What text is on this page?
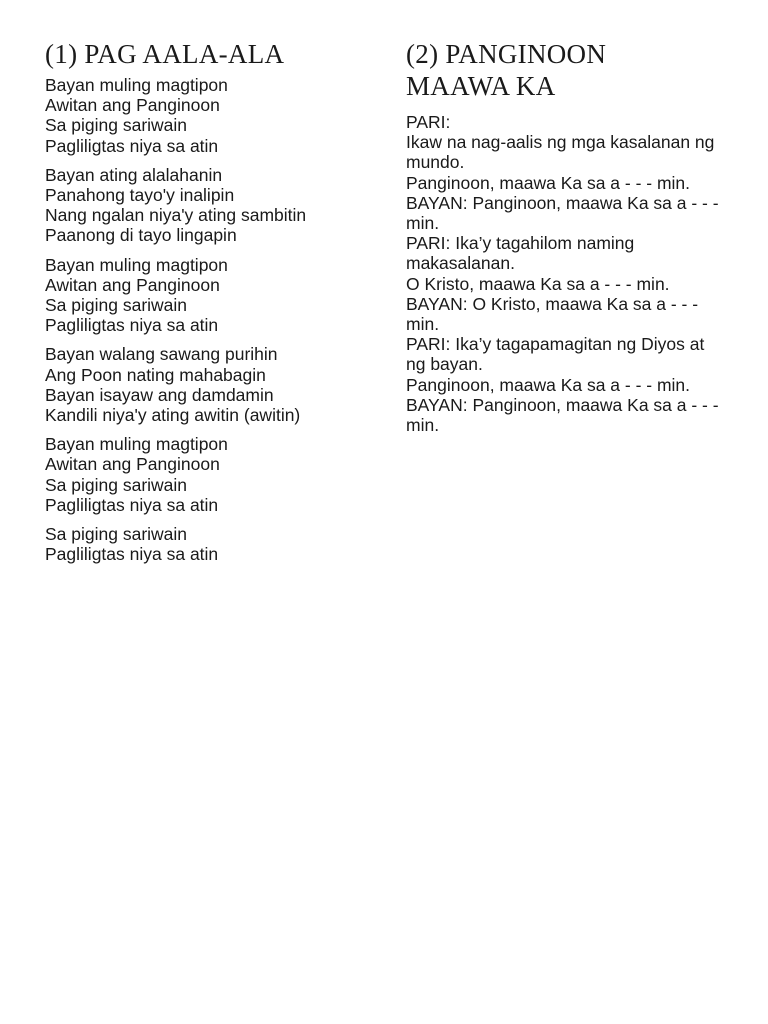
(1) PAG AALA-ALA
Bayan muling magtipon
Awitan ang Panginoon
Sa piging sariwain
Pagliligtas niya sa atin
Bayan ating alalahanin
Panahong tayo'y inalipin
Nang ngalan niya'y ating sambitin
Paanong di tayo lingapin
Bayan muling magtipon
Awitan ang Panginoon
Sa piging sariwain
Pagliligtas niya sa atin
Bayan walang sawang purihin
Ang Poon nating mahabagin
Bayan isayaw ang damdamin
Kandili niya'y ating awitin (awitin)
Bayan muling magtipon
Awitan ang Panginoon
Sa piging sariwain
Pagliligtas niya sa atin
Sa piging sariwain
Pagliligtas niya sa atin
(2) PANGINOON
MAAWA KA
PARI:
Ikaw na nag-aalis ng mga kasalanan ng mundo.
Panginoon, maawa Ka sa a - - - min.
BAYAN: Panginoon, maawa Ka sa a - - - min.
PARI: Ika’y tagahilom naming makasalanan.
O Kristo, maawa Ka sa a - - - min.
BAYAN: O Kristo, maawa Ka sa a - - - min.
PARI: Ika’y tagapamagitan ng Diyos at ng bayan.
Panginoon, maawa Ka sa a - - - min.
BAYAN: Panginoon, maawa Ka sa a - - - min.
